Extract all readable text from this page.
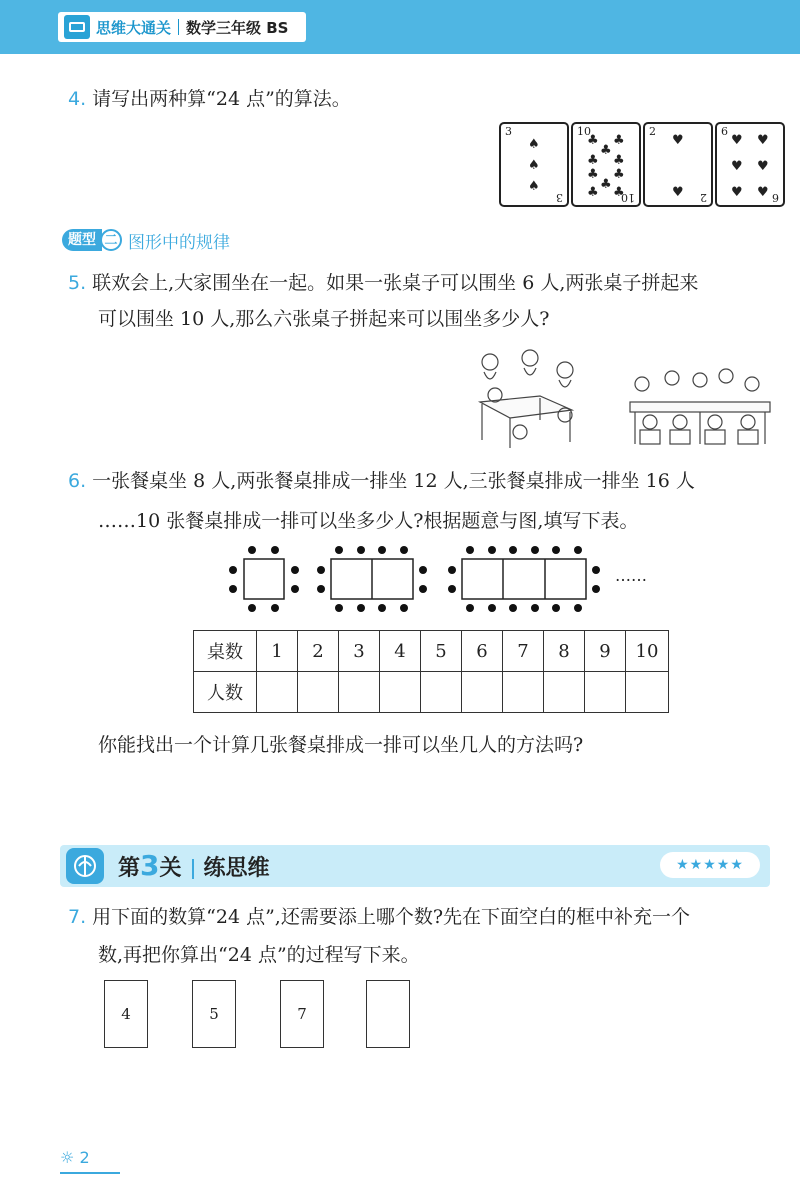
思维大通关 数学三年级 BS
4. 请写出两种算“24 点”的算法。
3
♠
♠
♠
3
10
♣ ♣
♣
♣ ♣
♣ ♣
♣
♣ ♣
10
2
♥
♥ 2
6
♥ ♥
♥ ♥
♥ ♥ 6
题型 二 图形中的规律
5. 联欢会上,大家围坐在一起。如果一张桌子可以围坐 6 人,两张桌子拼起来
可以围坐 10 人,那么六张桌子拼起来可以围坐多少人?
6. 一张餐桌坐 8 人,两张餐桌排成一排坐 12 人,三张餐桌排成一排坐 16 人
……10 张餐桌排成一排可以坐多少人?根据题意与图,填写下表。
……
桌数	1	2	3	4	5	6	7	8	9	10
人数										
你能找出一个计算几张餐桌排成一排可以坐几人的方法吗?
第3关 练思维	★★★★★
7. 用下面的数算“24 点”,还需要添上哪个数?先在下面空白的框中补充一个
数,再把你算出“24 点”的过程写下来。
4	5	7
☼ 2
